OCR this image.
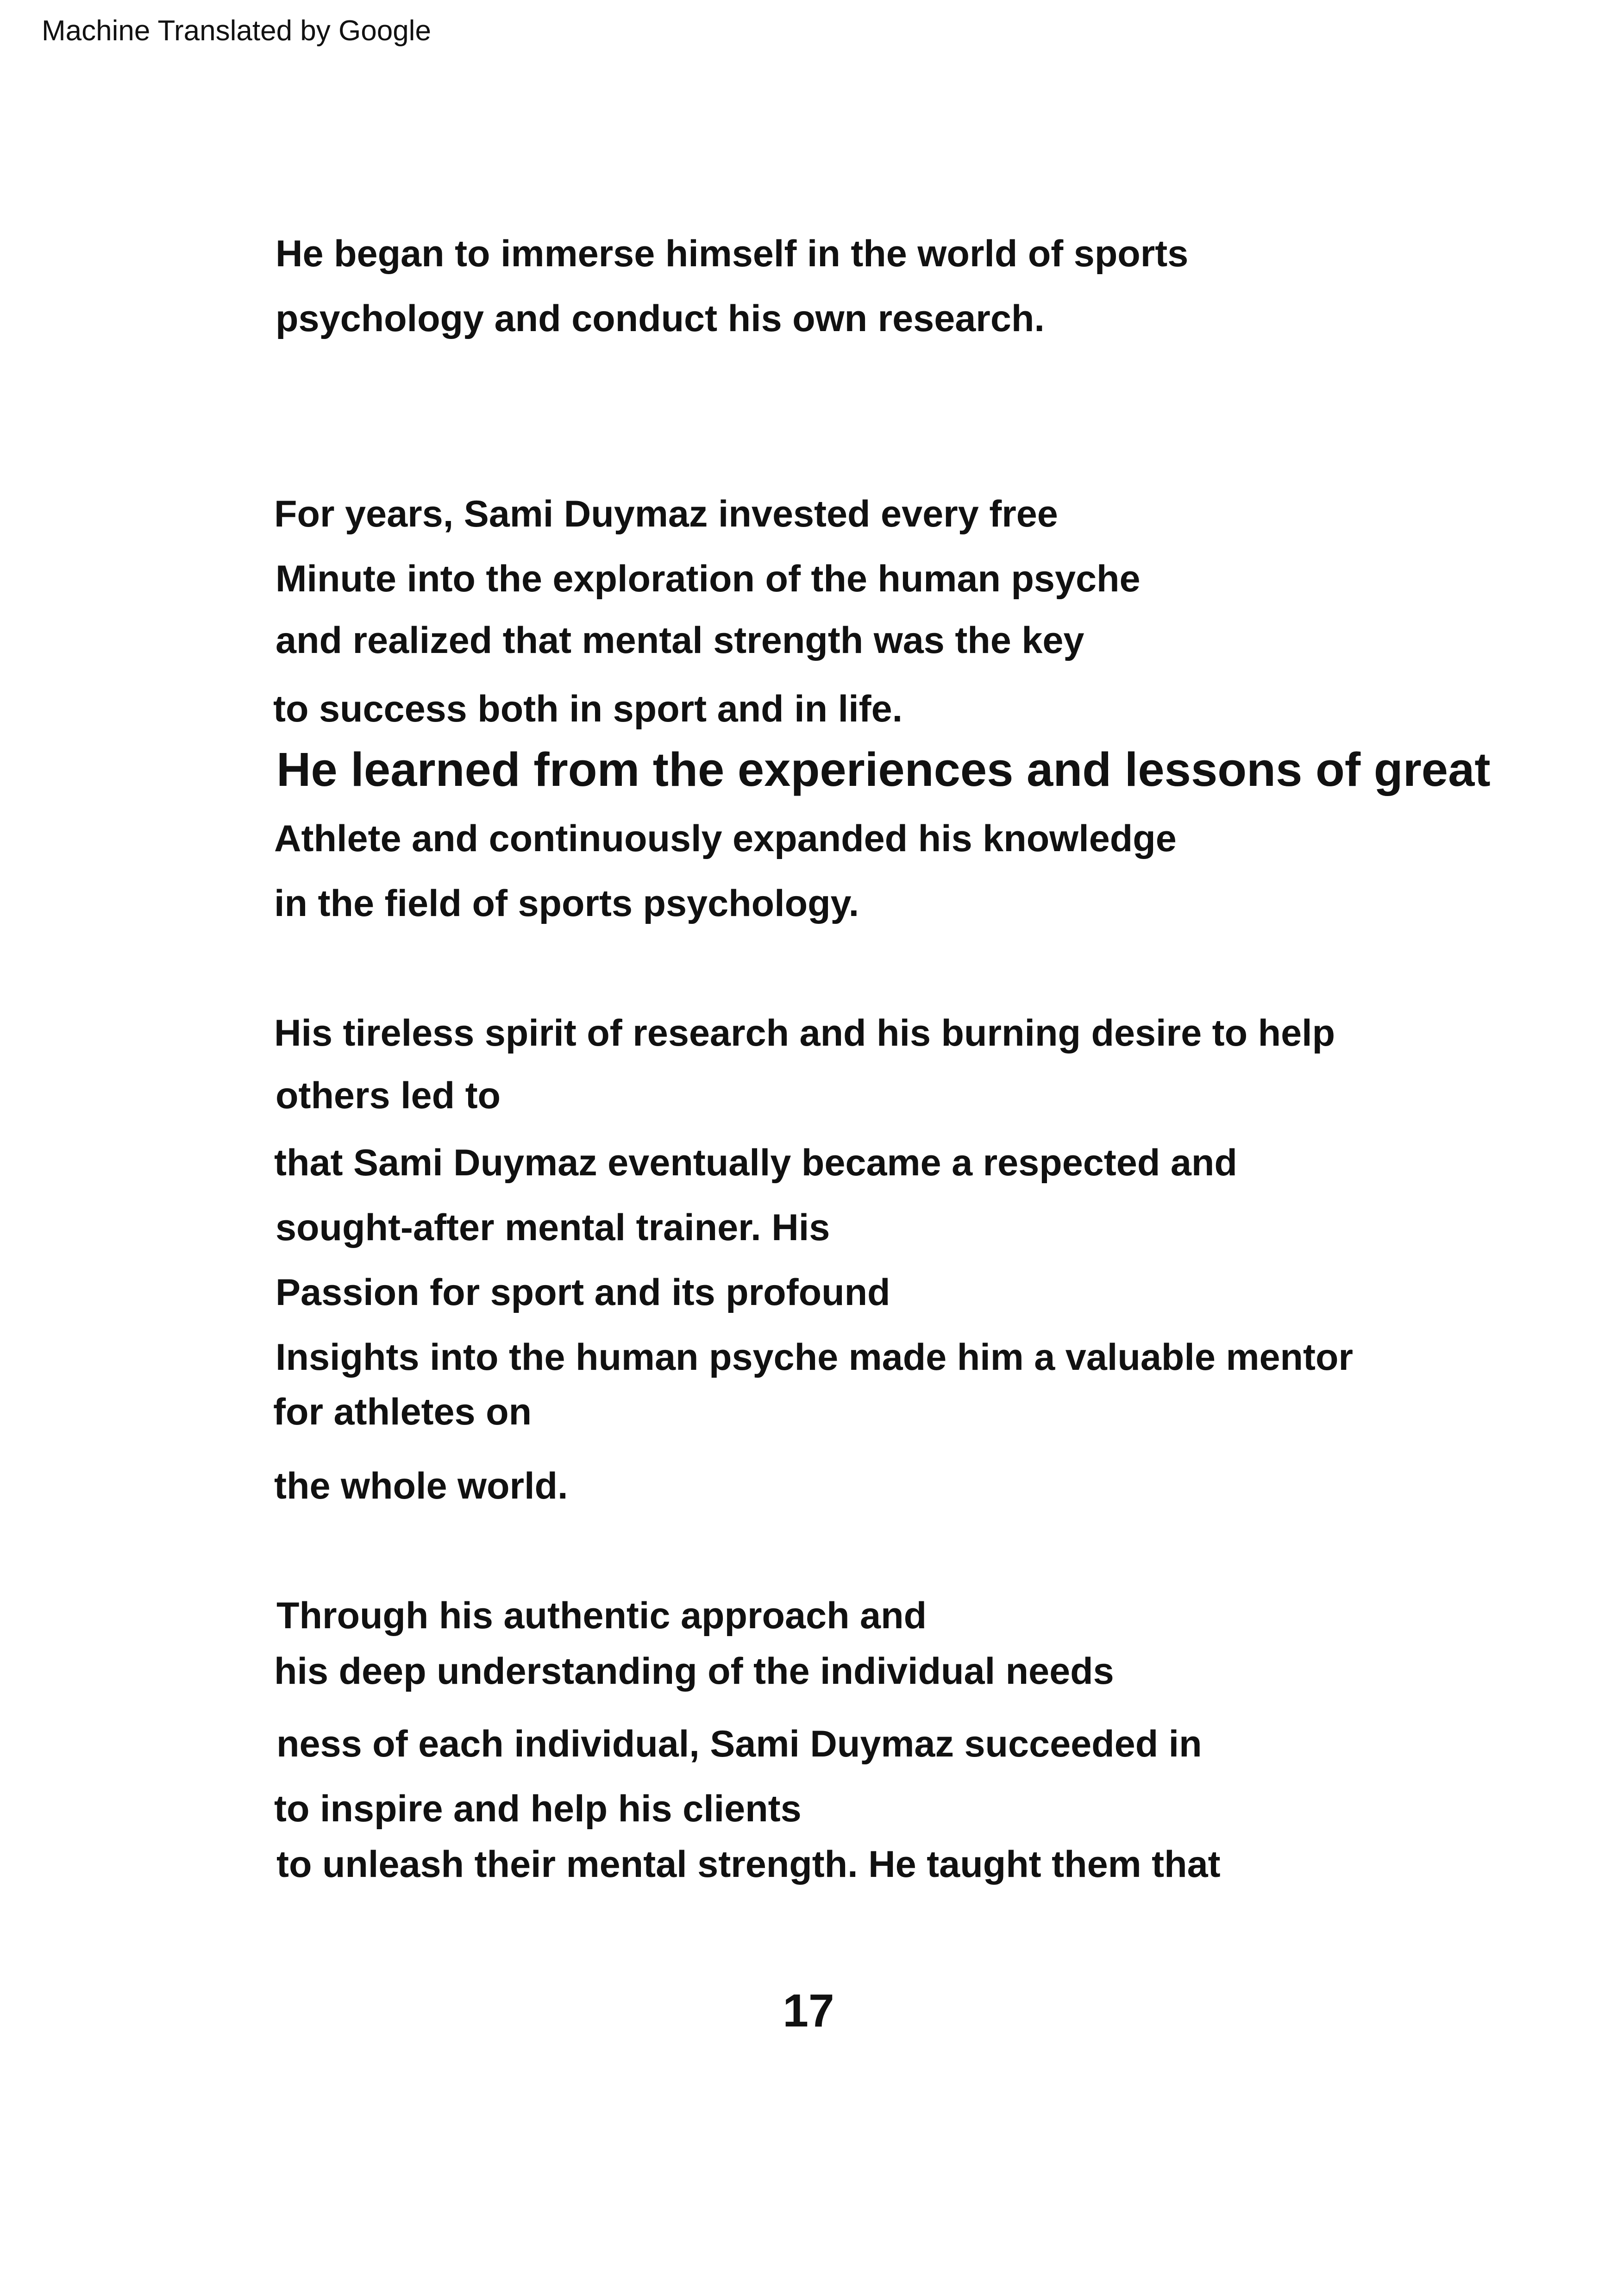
Machine Translated by Google
He began to immerse himself in the world of sports
psychology and conduct his own research.
For years, Sami Duymaz invested every free
Minute into the exploration of the human psyche
and realized that mental strength was the key
to success both in sport and in life.
He learned from the experiences and lessons of great
Athlete and continuously expanded his knowledge
in the field of sports psychology.
His tireless spirit of research and his burning desire to help
others led to
that Sami Duymaz eventually became a respected and
sought-after mental trainer. His
Passion for sport and its profound
Insights into the human psyche made him a valuable mentor
for athletes on
the whole world.
Through his authentic approach and
his deep understanding of the individual needs
ness of each individual, Sami Duymaz succeeded in
to inspire and help his clients
to unleash their mental strength. He taught them that
17
